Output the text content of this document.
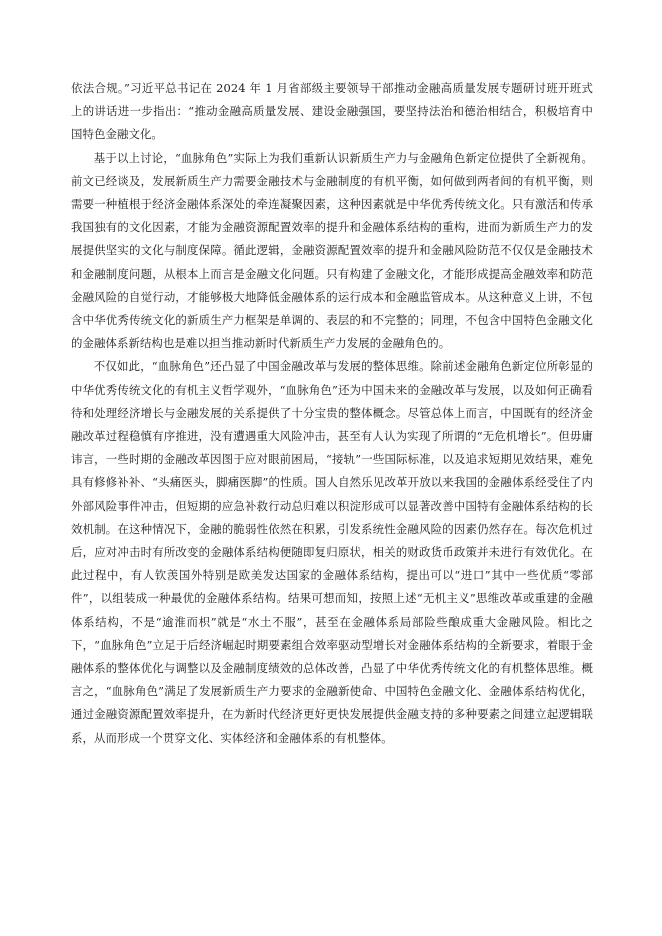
依法合规。”习近平总书记在 2024 年 1 月省部级主要领导干部推动金融高质量发展专题研讨班开班式上的讲话进一步指出：“推动金融高质量发展、建设金融强国，要坚持法治和德治相结合，积极培育中国特色金融文化。

基于以上讨论，“血脉角色”实际上为我们重新认识新质生产力与金融角色新定位提供了全新视角。前文已经谈及，发展新质生产力需要金融技术与金融制度的有机平衡，如何做到两者间的有机平衡，则需要一种植根于经济金融体系深处的牵连凝聚因素，这种因素就是中华优秀传统文化。只有激活和传承我国独有的文化因素，才能为金融资源配置效率的提升和金融体系结构的重构，进而为新质生产力的发展提供坚实的文化与制度保障。循此逻辑，金融资源配置效率的提升和金融风险防范不仅仅是金融技术和金融制度问题，从根本上而言是金融文化问题。只有构建了金融文化，才能形成提高金融效率和防范金融风险的自觉行动，才能够极大地降低金融体系的运行成本和金融监管成本。从这种意义上讲，不包含中华优秀传统文化的新质生产力框架是单调的、表层的和不完整的；同理，不包含中国特色金融文化的金融体系新结构也是难以担当推动新时代新质生产力发展的金融角色的。

不仅如此，“血脉角色”还凸显了中国金融改革与发展的整体思维。除前述金融角色新定位所彰显的中华优秀传统文化的有机主义哲学观外，“血脉角色”还为中国未来的金融改革与发展，以及如何正确看待和处理经济增长与金融发展的关系提供了十分宝贵的整体概念。尽管总体上而言，中国既有的经济金融改革过程稳慎有序推进，没有遭遇重大风险冲击，甚至有人认为实现了所谓的“无危机增长”。但毋庸讳言，一些时期的金融改革因图于应对眼前困局，“接轨”一些国际标准，以及追求短期见效结果，难免具有修修补补、“头痛医头，脚痛医脚”的性质。国人自然乐见改革开放以来我国的金融体系经受住了内外部风险事件冲击，但短期的应急补救行动总归难以积淀形成可以显著改善中国特有金融体系结构的长效机制。在这种情况下，金融的脆弱性依然在积累，引发系统性金融风险的因素仍然存在。每次危机过后，应对冲击时有所改变的金融体系结构便随即复归原状，相关的财政货币政策并未进行有效优化。在此过程中，有人钦羡国外特别是欧美发达国家的金融体系结构，提出可以“进口”其中一些优质“零部件”，以组装成一种最优的金融体系结构。结果可想而知，按照上述“无机主义”思维改革或重建的金融体系结构，不是“逾淮而枳”就是“水土不服”，甚至在金融体系局部险些酿成重大金融风险。相比之下，“血脉角色”立足于后经济崛起时期要素组合效率驱动型增长对金融体系结构的全新要求，着眼于金融体系的整体优化与调整以及金融制度绩效的总体改善，凸显了中华优秀传统文化的有机整体思维。概言之，“血脉角色”满足了发展新质生产力要求的金融新使命、中国特色金融文化、金融体系结构优化，通过金融资源配置效率提升，在为新时代经济更好更快发展提供金融支持的多种要素之间建立起逻辑联系，从而形成一个贯穿文化、实体经济和金融体系的有机整体。
